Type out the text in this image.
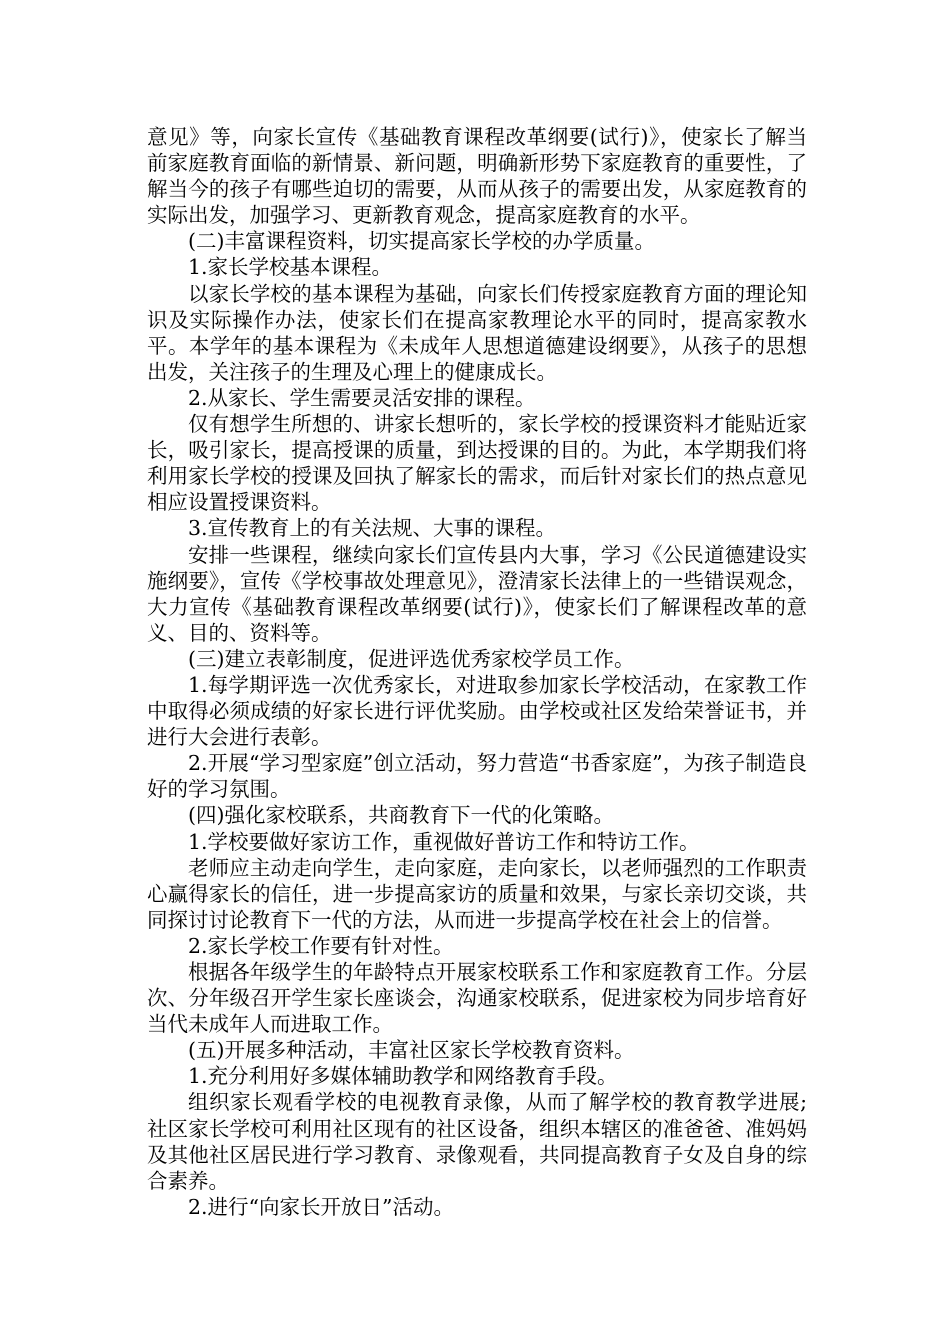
意见》等，向家长宣传《基础教育课程改革纲要(试行)》，使家长了解当前家庭教育面临的新情景、新问题，明确新形势下家庭教育的重要性，了解当今的孩子有哪些迫切的需要，从而从孩子的需要出发，从家庭教育的实际出发，加强学习、更新教育观念，提高家庭教育的水平。

(二)丰富课程资料，切实提高家长学校的办学质量。

1.家长学校基本课程。

以家长学校的基本课程为基础，向家长们传授家庭教育方面的理论知识及实际操作办法，使家长们在提高家教理论水平的同时，提高家教水平。本学年的基本课程为《未成年人思想道德建设纲要》，从孩子的思想出发，关注孩子的生理及心理上的健康成长。

2.从家长、学生需要灵活安排的课程。

仅有想学生所想的、讲家长想听的，家长学校的授课资料才能贴近家长，吸引家长，提高授课的质量，到达授课的目的。为此，本学期我们将利用家长学校的授课及回执了解家长的需求，而后针对家长们的热点意见相应设置授课资料。

3.宣传教育上的有关法规、大事的课程。

安排一些课程，继续向家长们宣传县内大事，学习《公民道德建设实施纲要》，宣传《学校事故处理意见》，澄清家长法律上的一些错误观念，大力宣传《基础教育课程改革纲要(试行)》，使家长们了解课程改革的意义、目的、资料等。

(三)建立表彰制度，促进评选优秀家校学员工作。

1.每学期评选一次优秀家长，对进取参加家长学校活动，在家教工作中取得必须成绩的好家长进行评优奖励。由学校或社区发给荣誉证书，并进行大会进行表彰。

2.开展“学习型家庭”创立活动，努力营造“书香家庭”，为孩子制造良好的学习氛围。

(四)强化家校联系，共商教育下一代的化策略。

1.学校要做好家访工作，重视做好普访工作和特访工作。

老师应主动走向学生，走向家庭，走向家长，以老师强烈的工作职责心赢得家长的信任，进一步提高家访的质量和效果，与家长亲切交谈，共同探讨讨论教育下一代的方法，从而进一步提高学校在社会上的信誉。

2.家长学校工作要有针对性。

根据各年级学生的年龄特点开展家校联系工作和家庭教育工作。分层次、分年级召开学生家长座谈会，沟通家校联系，促进家校为同步培育好当代未成年人而进取工作。

(五)开展多种活动，丰富社区家长学校教育资料。

1.充分利用好多媒体辅助教学和网络教育手段。

组织家长观看学校的电视教育录像，从而了解学校的教育教学进展;社区家长学校可利用社区现有的社区设备，组织本辖区的准爸爸、准妈妈及其他社区居民进行学习教育、录像观看，共同提高教育子女及自身的综合素养。

2.进行“向家长开放日”活动。
